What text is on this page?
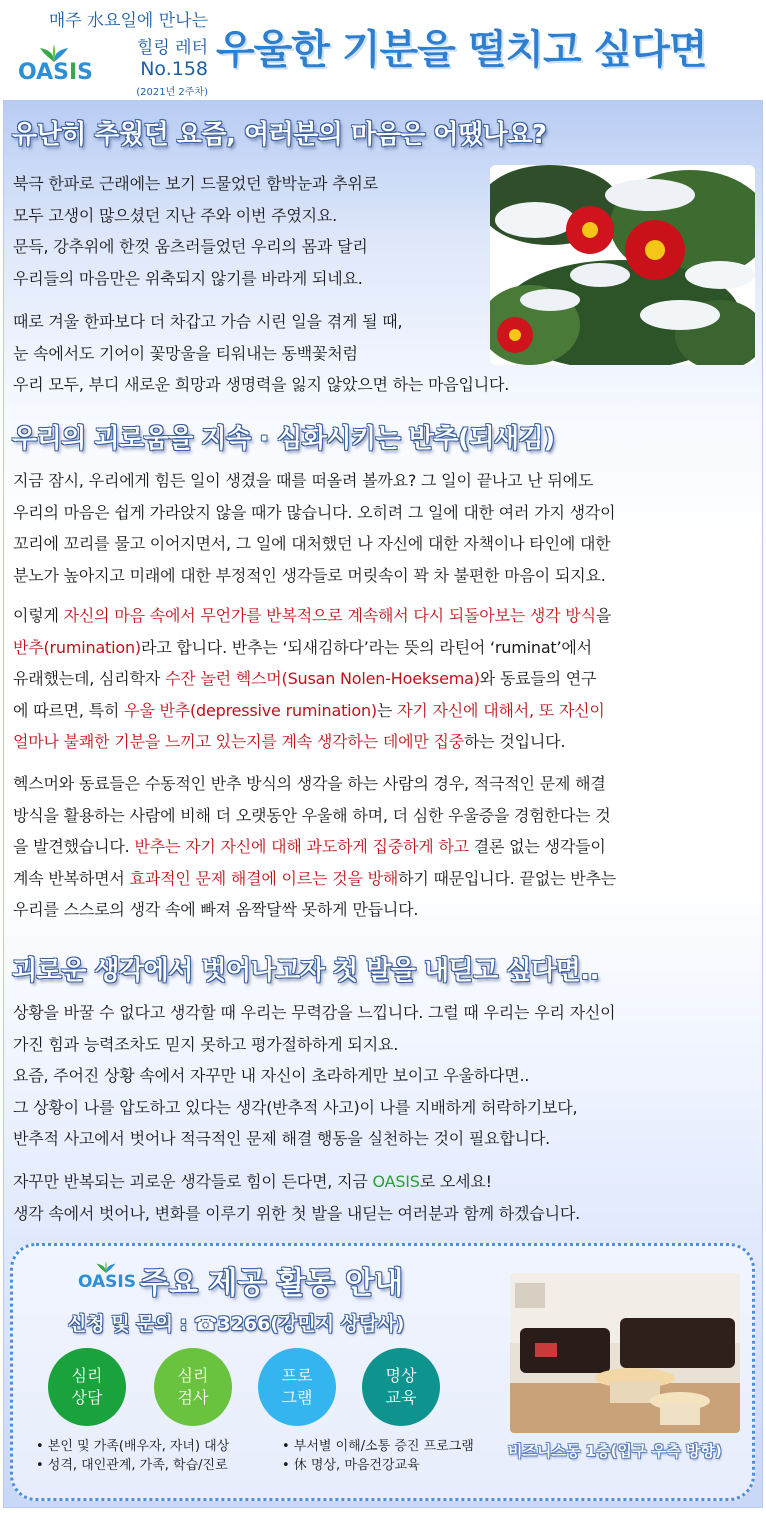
매주 水요일에 만나는
힐링 레터
No.158
(2021년 2주차)
OASIS	우울한 기분을 떨치고 싶다면
유난히 추웠던 요즘, 여러분의 마음은 어땠나요?
북극 한파로 근래에는 보기 드물었던 함박눈과 추위로
모두 고생이 많으셨던 지난 주와 이번 주였지요.
문득, 강추위에 한껏 움츠러들었던 우리의 몸과 달리
우리들의 마음만은 위축되지 않기를 바라게 되네요.
때로 겨울 한파보다 더 차갑고 가슴 시린 일을 겪게 될 때,
눈 속에서도 기어이 꽃망울을 티워내는 동백꽃처럼
우리 모두, 부디 새로운 희망과 생명력을 잃지 않았으면 하는 마음입니다.
우리의 괴로움을 지속 · 심화시키는 반추(되새김)
지금 잠시, 우리에게 힘든 일이 생겼을 때를 떠올려 볼까요? 그 일이 끝나고 난 뒤에도
우리의 마음은 쉽게 가라앉지 않을 때가 많습니다. 오히려 그 일에 대한 여러 가지 생각이
꼬리에 꼬리를 물고 이어지면서, 그 일에 대처했던 나 자신에 대한 자책이나 타인에 대한
분노가 높아지고 미래에 대한 부정적인 생각들로 머릿속이 꽉 차 불편한 마음이 되지요.
이렇게 자신의 마음 속에서 무언가를 반복적으로 계속해서 다시 되돌아보는 생각 방식을
반추(rumination)라고 합니다. 반추는 ‘되새김하다’라는 뜻의 라틴어 ‘ruminat’에서
유래했는데, 심리학자 수잔 놀런 헥스머(Susan Nolen-Hoeksema)와 동료들의 연구
에 따르면, 특히 우울 반추(depressive rumination)는 자기 자신에 대해서, 또 자신이
얼마나 불쾌한 기분을 느끼고 있는지를 계속 생각하는 데에만 집중하는 것입니다.
헥스머와 동료들은 수동적인 반추 방식의 생각을 하는 사람의 경우, 적극적인 문제 해결
방식을 활용하는 사람에 비해 더 오랫동안 우울해 하며, 더 심한 우울증을 경험한다는 것
을 발견했습니다. 반추는 자기 자신에 대해 과도하게 집중하게 하고 결론 없는 생각들이
계속 반복하면서 효과적인 문제 해결에 이르는 것을 방해하기 때문입니다. 끝없는 반추는
우리를 스스로의 생각 속에 빠져 옴짝달싹 못하게 만듭니다.
괴로운 생각에서 벗어나고자 첫 발을 내딛고 싶다면..
상황을 바꿀 수 없다고 생각할 때 우리는 무력감을 느낍니다. 그럴 때 우리는 우리 자신이
가진 힘과 능력조차도 믿지 못하고 평가절하하게 되지요.
요즘, 주어진 상황 속에서 자꾸만 내 자신이 초라하게만 보이고 우울하다면..
그 상황이 나를 압도하고 있다는 생각(반추적 사고)이 나를 지배하게 허락하기보다,
반추적 사고에서 벗어나 적극적인 문제 해결 행동을 실천하는 것이 필요합니다.
자꾸만 반복되는 괴로운 생각들로 힘이 든다면, 지금 OASIS로 오세요!
생각 속에서 벗어나, 변화를 이루기 위한 첫 발을 내딛는 여러분과 함께 하겠습니다.
OASIS 주요 제공 활동 안내
신청 및 문의 : ☎3266(강민지 상담사)
심리
상담
심리
검사
프로
그램
명상
교육
• 본인 및 가족(배우자, 자녀) 대상
• 성격, 대인관계, 가족, 학습/진로
• 부서별 이해/소통 증진 프로그램
• 休 명상, 마음건강교육
비즈니스동 1층(입구 우측 방향)
